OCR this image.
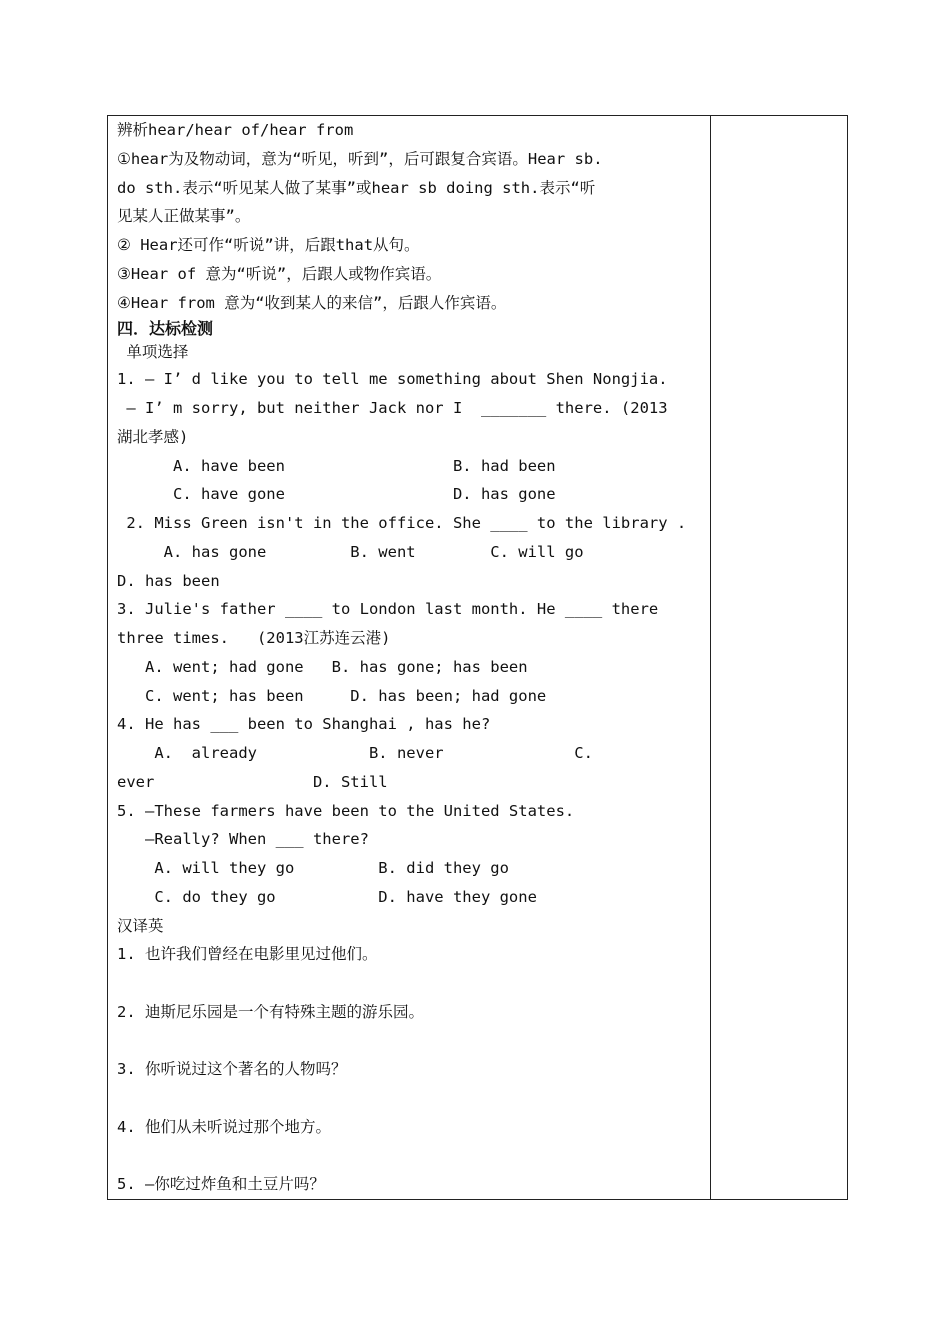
辨析hear/hear of/hear from
①hear为及物动词，意为“听见，听到”，后可跟复合宾语。Hear sb.
do sth.表示“听见某人做了某事”或hear sb doing sth.表示“听
见某人正做某事”。
② Hear还可作“听说”讲，后跟that从句。
③Hear of 意为“听说”，后跟人或物作宾语。
④Hear from 意为“收到某人的来信”，后跟人作宾语。
四．达标检测
单项选择
1. — I’ d like you to tell me something about Shen Nongjia.
— I’ m sorry, but neither Jack nor I  _______ there. (2013
湖北孝感)
A. have been                  B. had been
C. have gone                  D. has gone
2. Miss Green isn't in the office. She ____ to the library .
A. has gone         B. went        C. will go
D. has been
3. Julie's father ____ to London last month. He ____ there
three times.   (2013江苏连云港)
A. went; had gone   B. has gone; has been
C. went; has been     D. has been; had gone
4. He has ___ been to Shanghai , has he?
A.  already            B. never              C.
ever                 D. Still
5. —These farmers have been to the United States.
—Really? When ___ there?
A. will they go         B. did they go
C. do they go           D. have they gone
汉译英
1. 也许我们曾经在电影里见过他们。
2. 迪斯尼乐园是一个有特殊主题的游乐园。
3. 你听说过这个著名的人物吗？
4. 他们从未听说过那个地方。
5. —你吃过炸鱼和土豆片吗？
